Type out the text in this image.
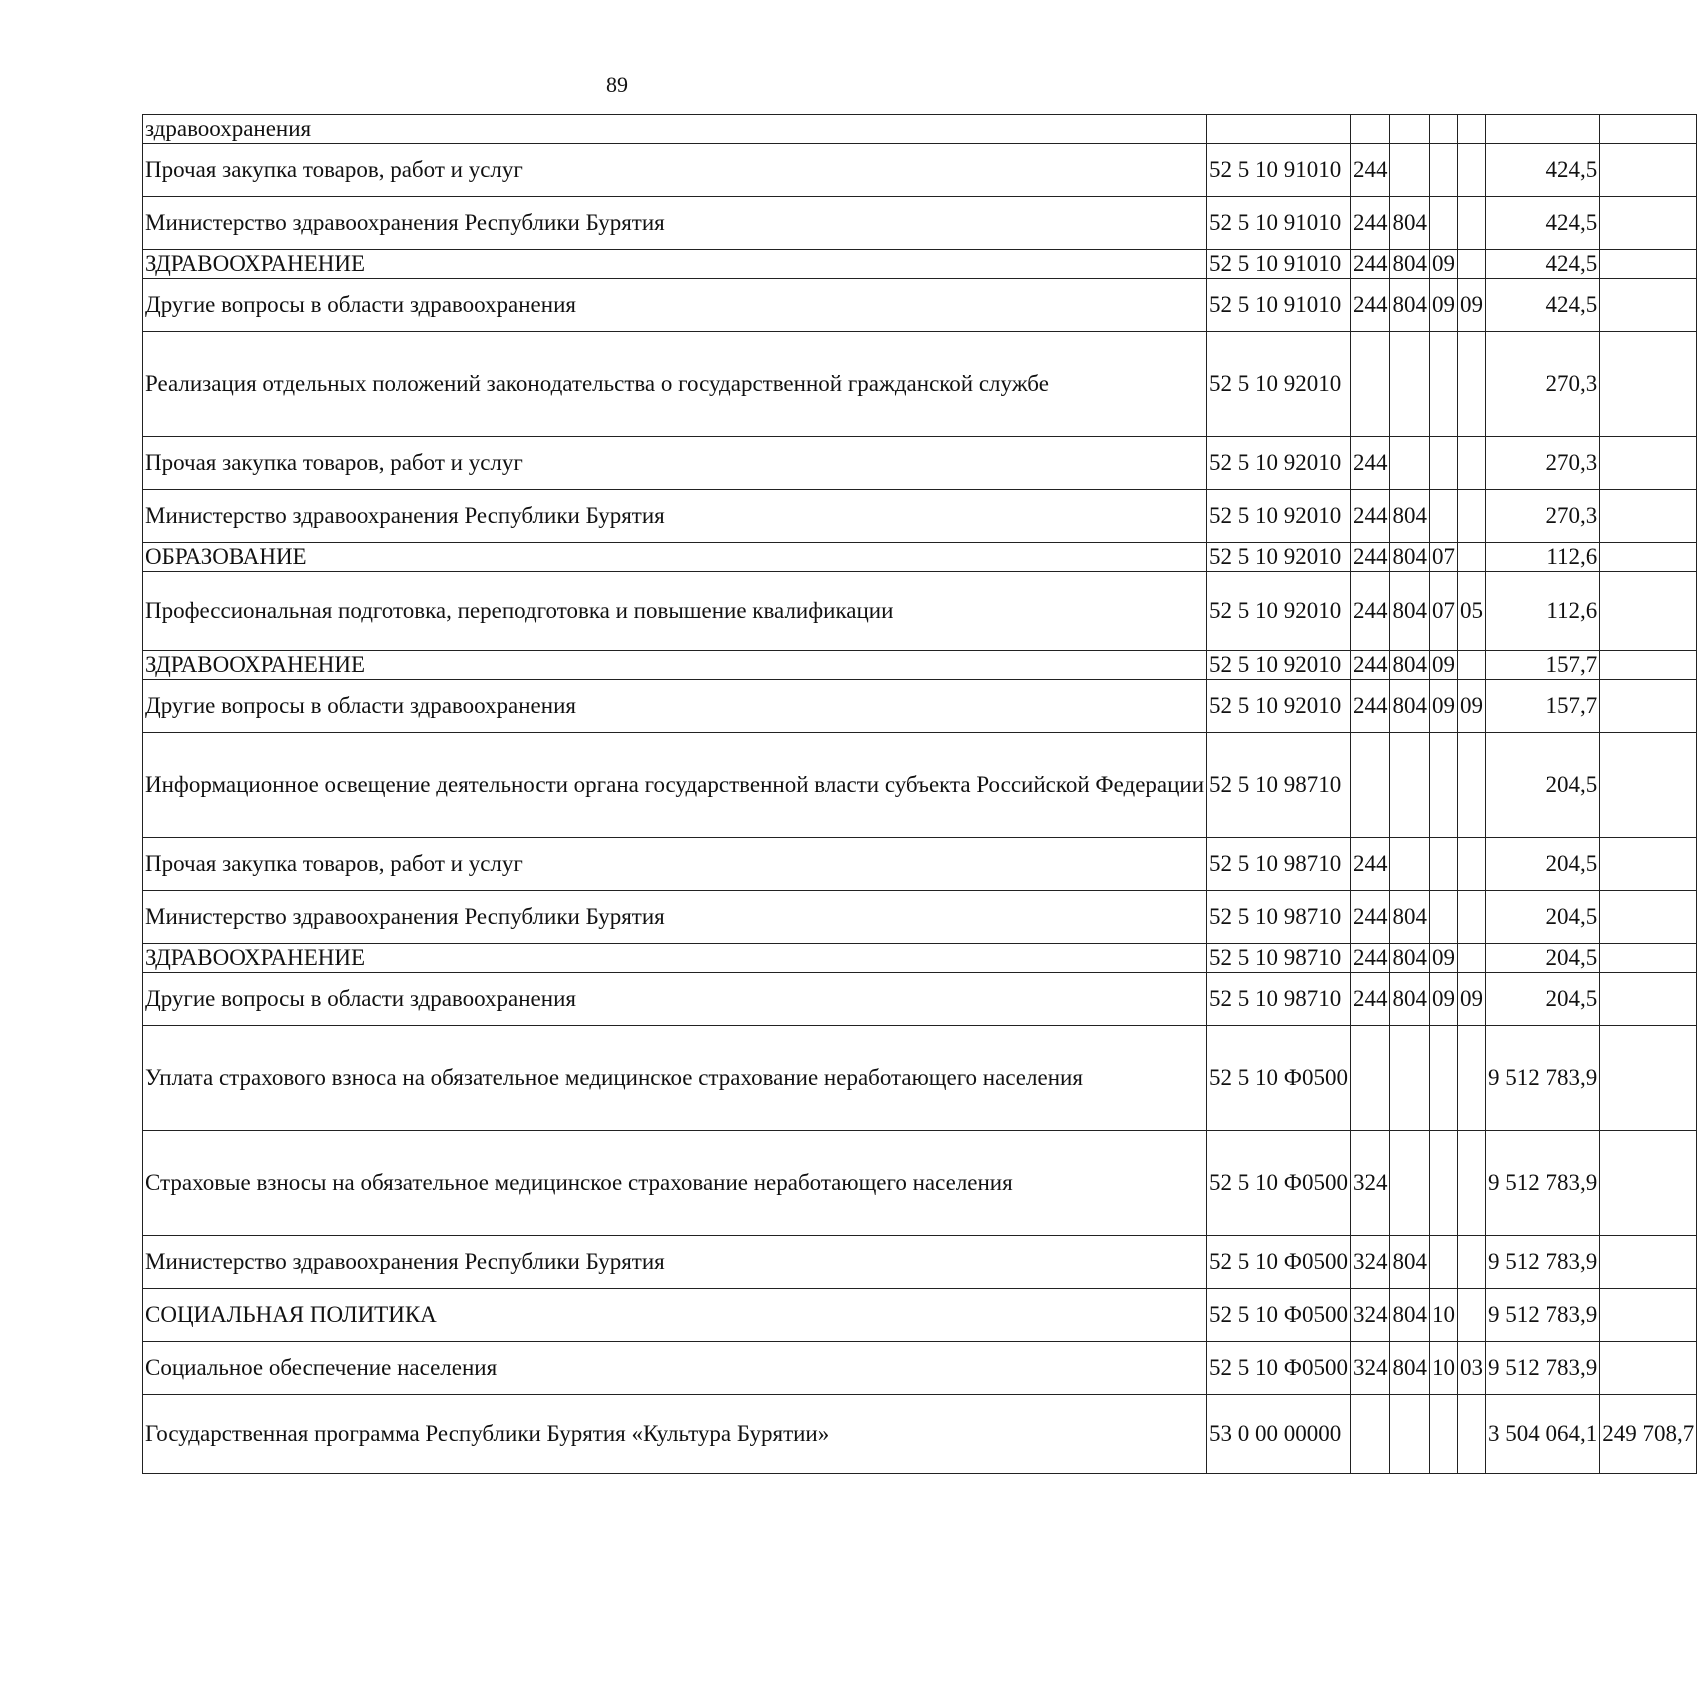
89
здравоохранения							
Прочая закупка товаров, работ и услуг	52 5 10 91010	244				424,5	
Министерство здравоохранения Республики Бурятия	52 5 10 91010	244	804			424,5	
ЗДРАВООХРАНЕНИЕ	52 5 10 91010	244	804	09		424,5	
Другие вопросы в области здравоохранения	52 5 10 91010	244	804	09	09	424,5	
Реализация отдельных положений законодательства о государственной гражданской службе	52 5 10 92010					270,3	
Прочая закупка товаров, работ и услуг	52 5 10 92010	244				270,3	
Министерство здравоохранения Республики Бурятия	52 5 10 92010	244	804			270,3	
ОБРАЗОВАНИЕ	52 5 10 92010	244	804	07		112,6	
Профессиональная подготовка, переподготовка и повышение квалификации	52 5 10 92010	244	804	07	05	112,6	
ЗДРАВООХРАНЕНИЕ	52 5 10 92010	244	804	09		157,7	
Другие вопросы в области здравоохранения	52 5 10 92010	244	804	09	09	157,7	
Информационное освещение деятельности органа государственной власти субъекта Российской Федерации	52 5 10 98710					204,5	
Прочая закупка товаров, работ и услуг	52 5 10 98710	244				204,5	
Министерство здравоохранения Республики Бурятия	52 5 10 98710	244	804			204,5	
ЗДРАВООХРАНЕНИЕ	52 5 10 98710	244	804	09		204,5	
Другие вопросы в области здравоохранения	52 5 10 98710	244	804	09	09	204,5	
Уплата страхового взноса на обязательное медицинское страхование неработающего населения	52 5 10 Ф0500					9 512 783,9	
Страховые взносы на обязательное медицинское страхование неработающего населения	52 5 10 Ф0500	324				9 512 783,9	
Министерство здравоохранения Республики Бурятия	52 5 10 Ф0500	324	804			9 512 783,9	
СОЦИАЛЬНАЯ ПОЛИТИКА	52 5 10 Ф0500	324	804	10		9 512 783,9	
Социальное обеспечение населения	52 5 10 Ф0500	324	804	10	03	9 512 783,9	
Государственная программа Республики Бурятия «Культура Бурятии»	53 0 00 00000					3 504 064,1	249 708,7
